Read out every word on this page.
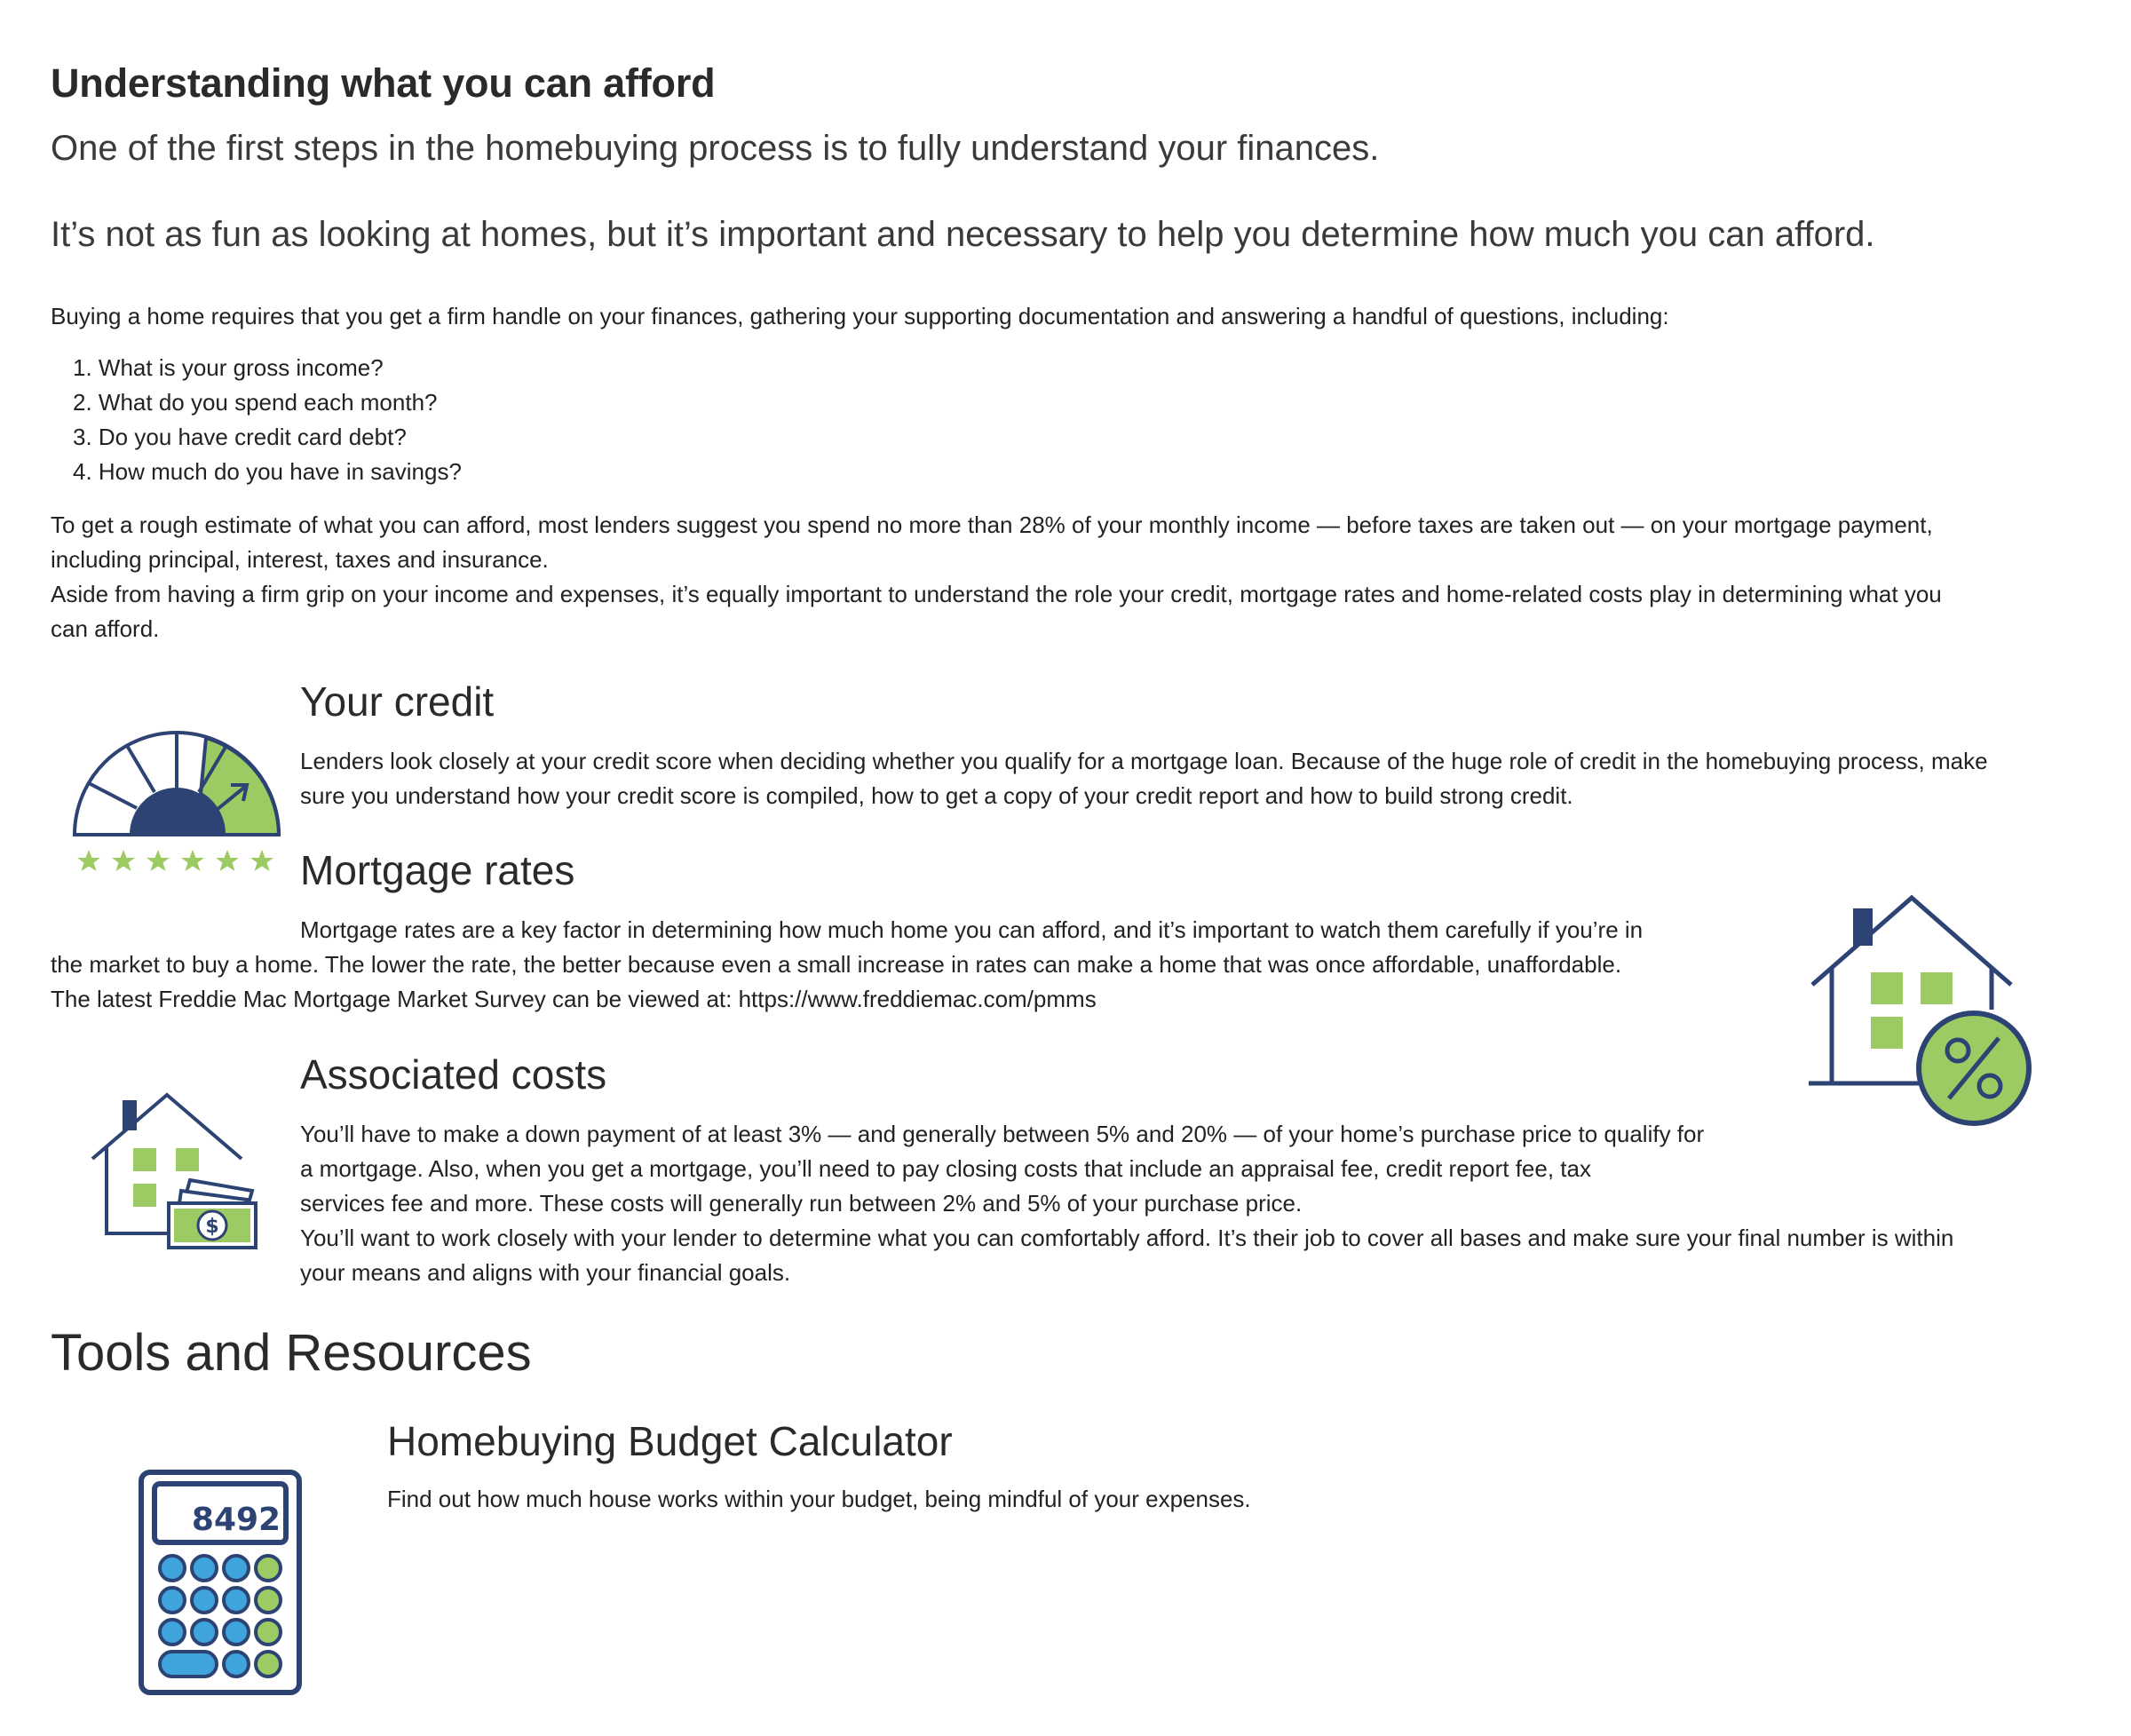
Understanding what you can afford

One of the first steps in the homebuying process is to fully understand your finances.

It’s not as fun as looking at homes, but it’s important and necessary to help you determine how much you can afford.

Buying a home requires that you get a firm handle on your finances, gathering your supporting documentation and answering a handful of questions, including:

1. What is your gross income?
2. What do you spend each month?
3. Do you have credit card debt?
4. How much do you have in savings?
To get a rough estimate of what you can afford, most lenders suggest you spend no more than 28% of your monthly income — before taxes are taken out — on your mortgage payment,
including principal, interest, taxes and insurance.
Aside from having a firm grip on your income and expenses, it’s equally important to understand the role your credit, mortgage rates and home-related costs play in determining what you
can afford.
Your credit
Lenders look closely at your credit score when deciding whether you qualify for a mortgage loan. Because of the huge role of credit in the homebuying process, make
sure you understand how your credit score is compiled, how to get a copy of your credit report and how to build strong credit.
Mortgage rates
Mortgage rates are a key factor in determining how much home you can afford, and it’s important to watch them carefully if you’re in
the market to buy a home. The lower the rate, the better because even a small increase in rates can make a home that was once affordable, unaffordable.
The latest Freddie Mac Mortgage Market Survey can be viewed at: https://www.freddiemac.com/pmms
Associated costs
You’ll have to make a down payment of at least 3% — and generally between 5% and 20% — of your home’s purchase price to qualify for
a mortgage. Also, when you get a mortgage, you’ll need to pay closing costs that include an appraisal fee, credit report fee, tax
services fee and more. These costs will generally run between 2% and 5% of your purchase price.
You’ll want to work closely with your lender to determine what you can comfortably afford. It’s their job to cover all bases and make sure your final number is within
your means and aligns with your financial goals.
$
Tools and Resources
Homebuying Budget Calculator

Find out how much house works within your budget, being mindful of your expenses.

8492
